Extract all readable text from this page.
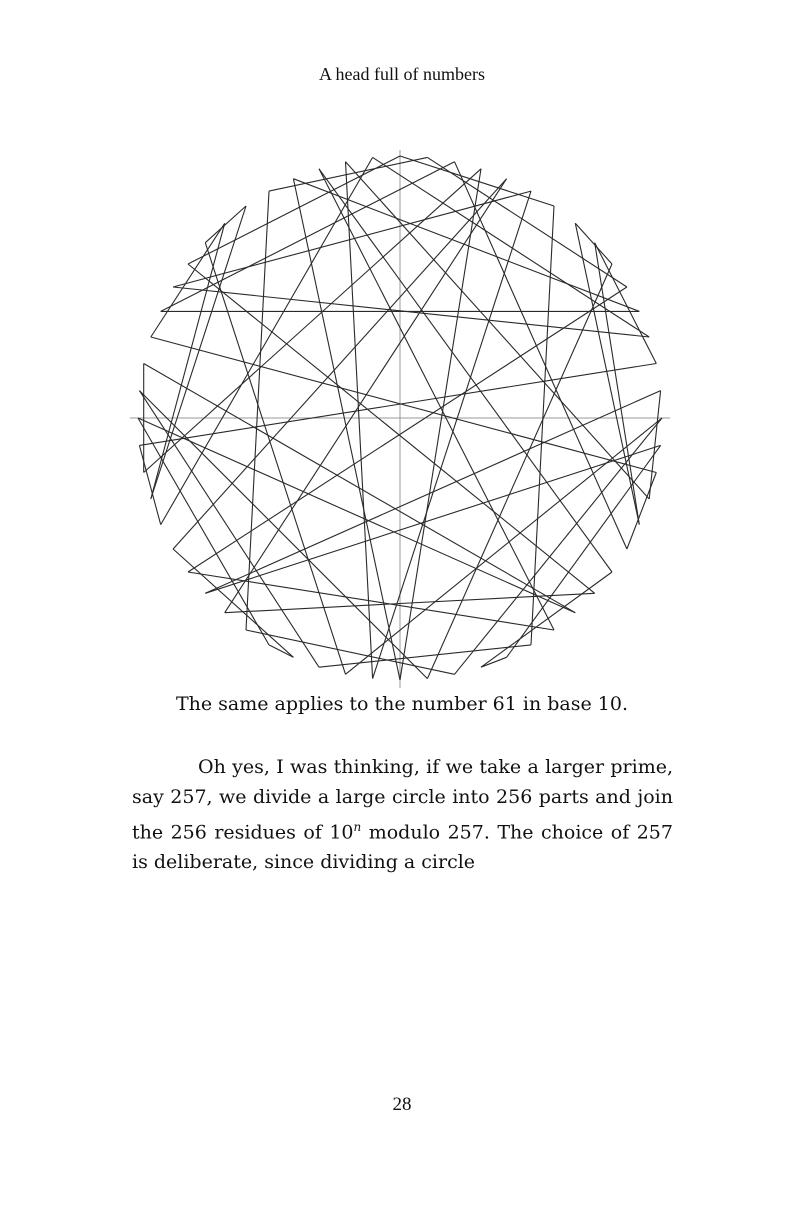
A head full of numbers
The same applies to the number 61 in base 10.

Oh yes, I was thinking, if we take a larger prime, say 257, we divide a large circle into 256 parts and join the 256 residues of 10$^n$ modulo 257. The choice of 257 is deliberate, since dividing a circle

28
